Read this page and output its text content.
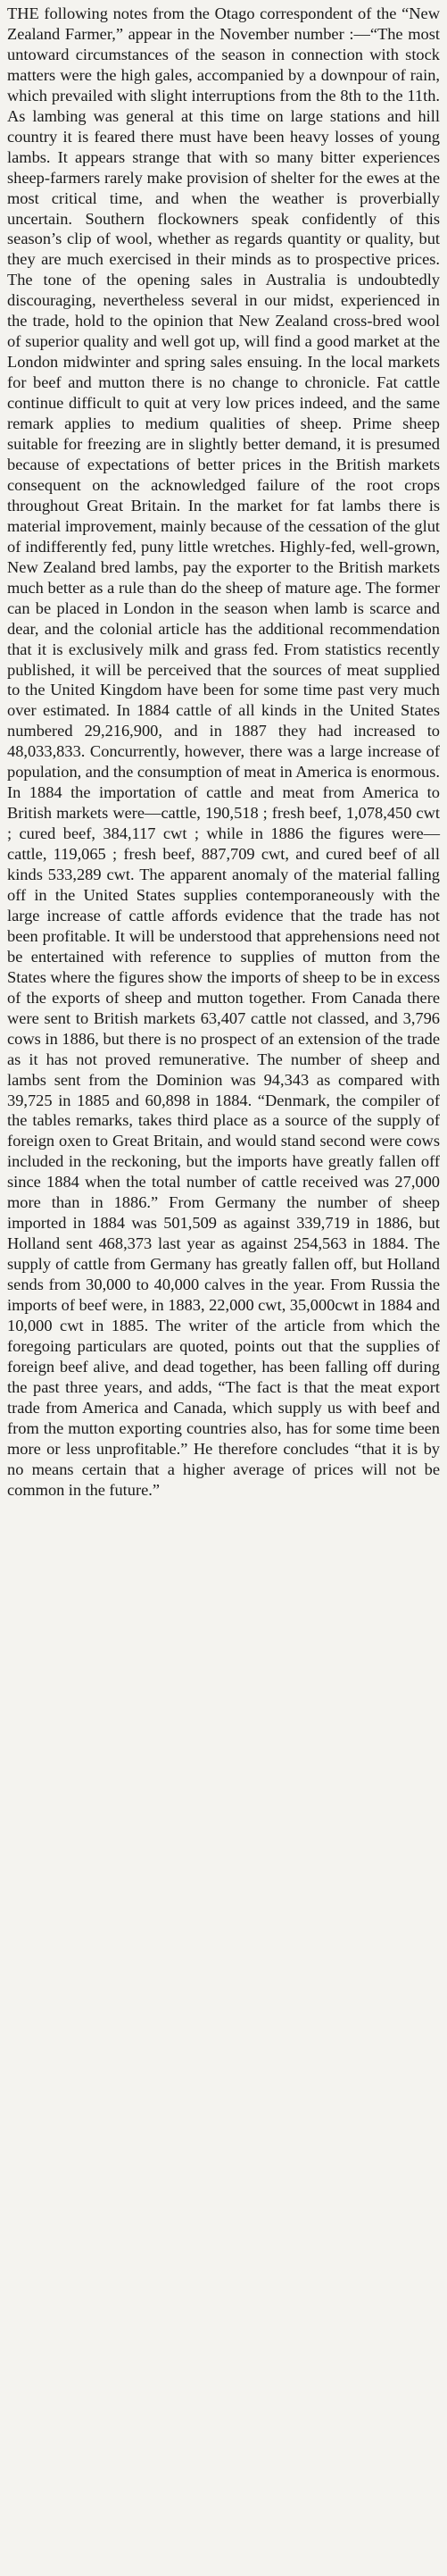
THE following notes from the Otago correspondent of the “New Zealand Farmer,” appear in the November number :—“The most untoward circumstances of the season in connection with stock matters were the high gales, accompanied by a downpour of rain, which prevailed with slight interruptions from the 8th to the 11th. As lambing was general at this time on large stations and hill country it is feared there must have been heavy losses of young lambs. It appears strange that with so many bitter experiences sheep-farmers rarely make provision of shelter for the ewes at the most critical time, and when the weather is proverbially uncertain. Southern flockowners speak confidently of this season’s clip of wool, whether as regards quantity or quality, but they are much exercised in their minds as to prospective prices. The tone of the opening sales in Australia is undoubtedly discouraging, nevertheless several in our midst, experienced in the trade, hold to the opinion that New Zealand cross-bred wool of superior quality and well got up, will find a good market at the London midwinter and spring sales ensuing. In the local markets for beef and mutton there is no change to chronicle. Fat cattle continue difficult to quit at very low prices indeed, and the same remark applies to medium qualities of sheep. Prime sheep suitable for freezing are in slightly better demand, it is presumed because of expectations of better prices in the British markets consequent on the acknowledged failure of the root crops throughout Great Britain. In the market for fat lambs there is material improvement, mainly because of the cessation of the glut of indifferently fed, puny little wretches. Highly-fed, well-grown, New Zealand bred lambs, pay the exporter to the British markets much better as a rule than do the sheep of mature age. The former can be placed in London in the season when lamb is scarce and dear, and the colonial article has the additional recommendation that it is exclusively milk and grass fed. From statistics recently published, it will be perceived that the sources of meat supplied to the United Kingdom have been for some time past very much over estimated. In 1884 cattle of all kinds in the United States numbered 29,216,900, and in 1887 they had increased to 48,033,833. Concurrently, however, there was a large increase of population, and the consumption of meat in America is enormous. In 1884 the importation of cattle and meat from America to British markets were—cattle, 190,518 ; fresh beef, 1,078,450 cwt ; cured beef, 384,117 cwt ; while in 1886 the figures were—cattle, 119,065 ; fresh beef, 887,709 cwt, and cured beef of all kinds 533,289 cwt. The apparent anomaly of the material falling off in the United States supplies contemporaneously with the large increase of cattle affords evidence that the trade has not been profitable. It will be understood that apprehensions need not be entertained with reference to supplies of mutton from the States where the figures show the imports of sheep to be in excess of the exports of sheep and mutton together. From Canada there were sent to British markets 63,407 cattle not classed, and 3,796 cows in 1886, but there is no prospect of an extension of the trade as it has not proved remunerative. The number of sheep and lambs sent from the Dominion was 94,343 as compared with 39,725 in 1885 and 60,898 in 1884. “Denmark, the compiler of the tables remarks, takes third place as a source of the supply of foreign oxen to Great Britain, and would stand second were cows included in the reckoning, but the imports have greatly fallen off since 1884 when the total number of cattle received was 27,000 more than in 1886.” From Germany the number of sheep imported in 1884 was 501,509 as against 339,719 in 1886, but Holland sent 468,373 last year as against 254,563 in 1884. The supply of cattle from Germany has greatly fallen off, but Holland sends from 30,000 to 40,000 calves in the year. From Russia the imports of beef were, in 1883, 22,000 cwt, 35,000cwt in 1884 and 10,000 cwt in 1885. The writer of the article from which the foregoing particulars are quoted, points out that the supplies of foreign beef alive, and dead together, has been falling off during the past three years, and adds, “The fact is that the meat export trade from America and Canada, which supply us with beef and from the mutton exporting countries also, has for some time been more or less unprofitable.” He therefore concludes “that it is by no means certain that a higher average of prices will not be common in the future.”
